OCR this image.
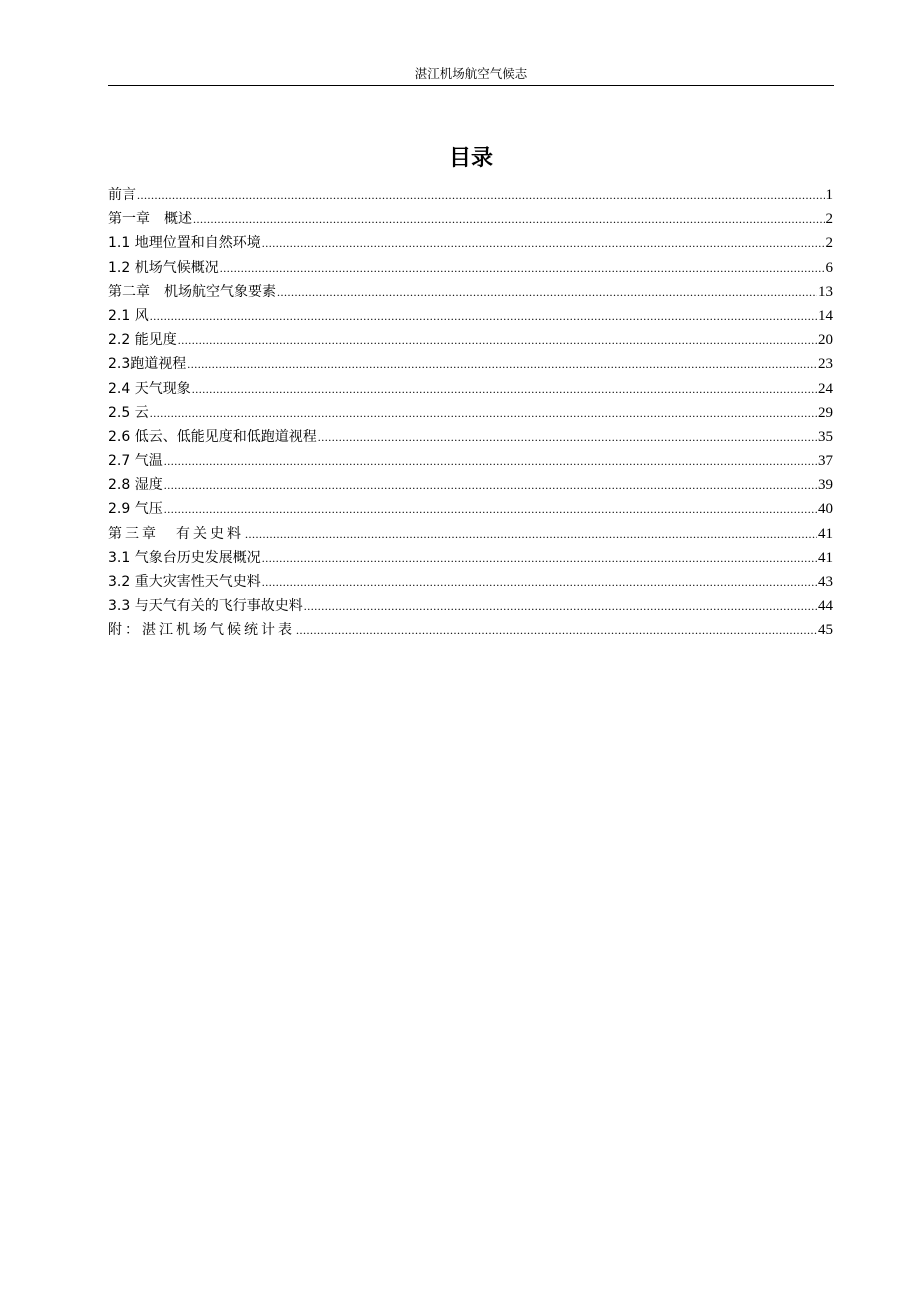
湛江机场航空气候志
目录
前言 .....	1
第一章　概述 .....	2
1.1 地理位置和自然环境 .....	2
1.2 机场气候概况 .....	6
第二章　机场航空气象要素 .....	13
2.1 风 .....	14
2.2 能见度 .....	20
2.3跑道视程 .....	23
2.4 天气现象 .....	24
2.5 云 .....	29
2.6 低云、低能见度和低跑道视程 .....	35
2.7 气温 .....	37
2.8 湿度 .....	39
2.9 气压 .....	40
第三章　有关史料 .....	41
3.1 气象台历史发展概况 .....	41
3.2 重大灾害性天气史料 .....	43
3.3 与天气有关的飞行事故史料 .....	44
附：湛江机场气候统计表 .....	45
